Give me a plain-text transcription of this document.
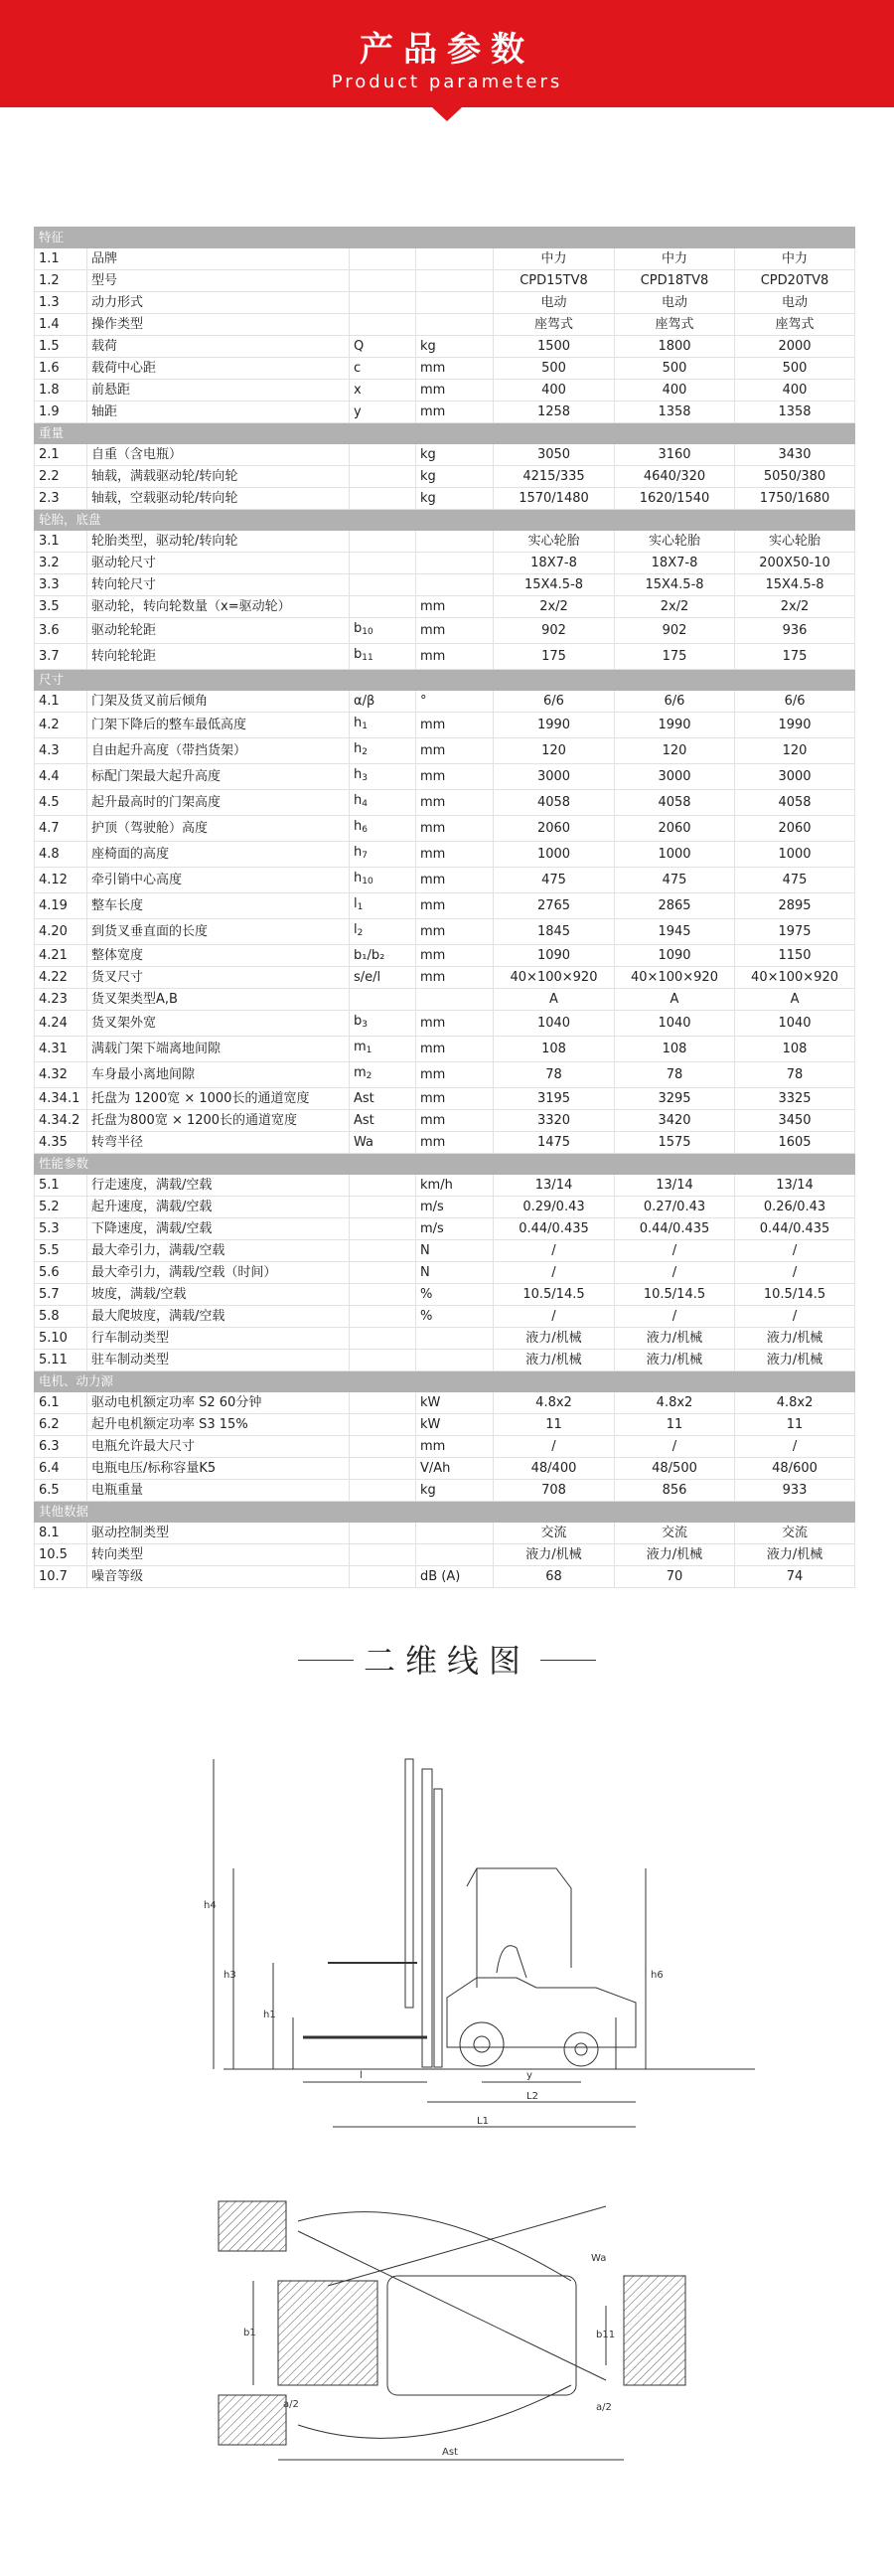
产品参数
Product parameters
特征						
1.1	品牌			中力	中力	中力
1.2	型号			CPD15TV8	CPD18TV8	CPD20TV8
1.3	动力形式			电动	电动	电动
1.4	操作类型			座驾式	座驾式	座驾式
1.5	载荷	Q	kg	1500	1800	2000
1.6	载荷中心距	c	mm	500	500	500
1.8	前悬距	x	mm	400	400	400
1.9	轴距	y	mm	1258	1358	1358
重量						
2.1	自重（含电瓶）		kg	3050	3160	3430
2.2	轴载，满载驱动轮/转向轮		kg	4215/335	4640/320	5050/380
2.3	轴载，空载驱动轮/转向轮		kg	1570/1480	1620/1540	1750/1680
轮胎，底盘						
3.1	轮胎类型，驱动轮/转向轮			实心轮胎	实心轮胎	实心轮胎
3.2	驱动轮尺寸			18X7-8	18X7-8	200X50-10
3.3	转向轮尺寸			15X4.5-8	15X4.5-8	15X4.5-8
3.5	驱动轮，转向轮数量（x=驱动轮）		mm	2x/2	2x/2	2x/2
3.6	驱动轮轮距	$b_{10}$	mm	902	902	936
3.7	转向轮轮距	$b_{11}$	mm	175	175	175
尺寸						
4.1	门架及货叉前后倾角	α/β	°	6/6	6/6	6/6
4.2	门架下降后的整车最低高度	$h_1$	mm	1990	1990	1990
4.3	自由起升高度（带挡货架）	$h_2$	mm	120	120	120
4.4	标配门架最大起升高度	$h_3$	mm	3000	3000	3000
4.5	起升最高时的门架高度	$h_4$	mm	4058	4058	4058
4.7	护顶（驾驶舱）高度	$h_6$	mm	2060	2060	2060
4.8	座椅面的高度	$h_7$	mm	1000	1000	1000
4.12	牵引销中心高度	$h_{10}$	mm	475	475	475
4.19	整车长度	$l_1$	mm	2765	2865	2895
4.20	到货叉垂直面的长度	$l_2$	mm	1845	1945	1975
4.21	整体宽度	b₁/b₂	mm	1090	1090	1150
4.22	货叉尺寸	s/e/l	mm	40×100×920	40×100×920	40×100×920
4.23	货叉架类型A,B			A	A	A
4.24	货叉架外宽	$b_3$	mm	1040	1040	1040
4.31	满载门架下端离地间隙	$m_1$	mm	108	108	108
4.32	车身最小离地间隙	$m_2$	mm	78	78	78
4.34.1	托盘为 1200宽 × 1000长的通道宽度	Ast	mm	3195	3295	3325
4.34.2	托盘为800宽 × 1200长的通道宽度	Ast	mm	3320	3420	3450
4.35	转弯半径	Wa	mm	1475	1575	1605
性能参数						
5.1	行走速度，满载/空载		km/h	13/14	13/14	13/14
5.2	起升速度，满载/空载		m/s	0.29/0.43	0.27/0.43	0.26/0.43
5.3	下降速度，满载/空载		m/s	0.44/0.435	0.44/0.435	0.44/0.435
5.5	最大牵引力，满载/空载		N	/	/	/
5.6	最大牵引力，满载/空载（时间）		N	/	/	/
5.7	坡度，满载/空载		%	10.5/14.5	10.5/14.5	10.5/14.5
5.8	最大爬坡度，满载/空载		%	/	/	/
5.10	行车制动类型			液力/机械	液力/机械	液力/机械
5.11	驻车制动类型			液力/机械	液力/机械	液力/机械
电机、动力源						
6.1	驱动电机额定功率 S2 60分钟		kW	4.8x2	4.8x2	4.8x2
6.2	起升电机额定功率 S3 15%		kW	11	11	11
6.3	电瓶允许最大尺寸		mm	/	/	/
6.4	电瓶电压/标称容量K5		V/Ah	48/400	48/500	48/600
6.5	电瓶重量		kg	708	856	933
其他数据						
8.1	驱动控制类型			交流	交流	交流
10.5	转向类型			液力/机械	液力/机械	液力/机械
10.7	噪音等级		dB (A)	68	70	74
二维线图
h4
h3
h1
h6
l	y
L2
L1
b1	b11
a/2	a/2
Ast
Wa
